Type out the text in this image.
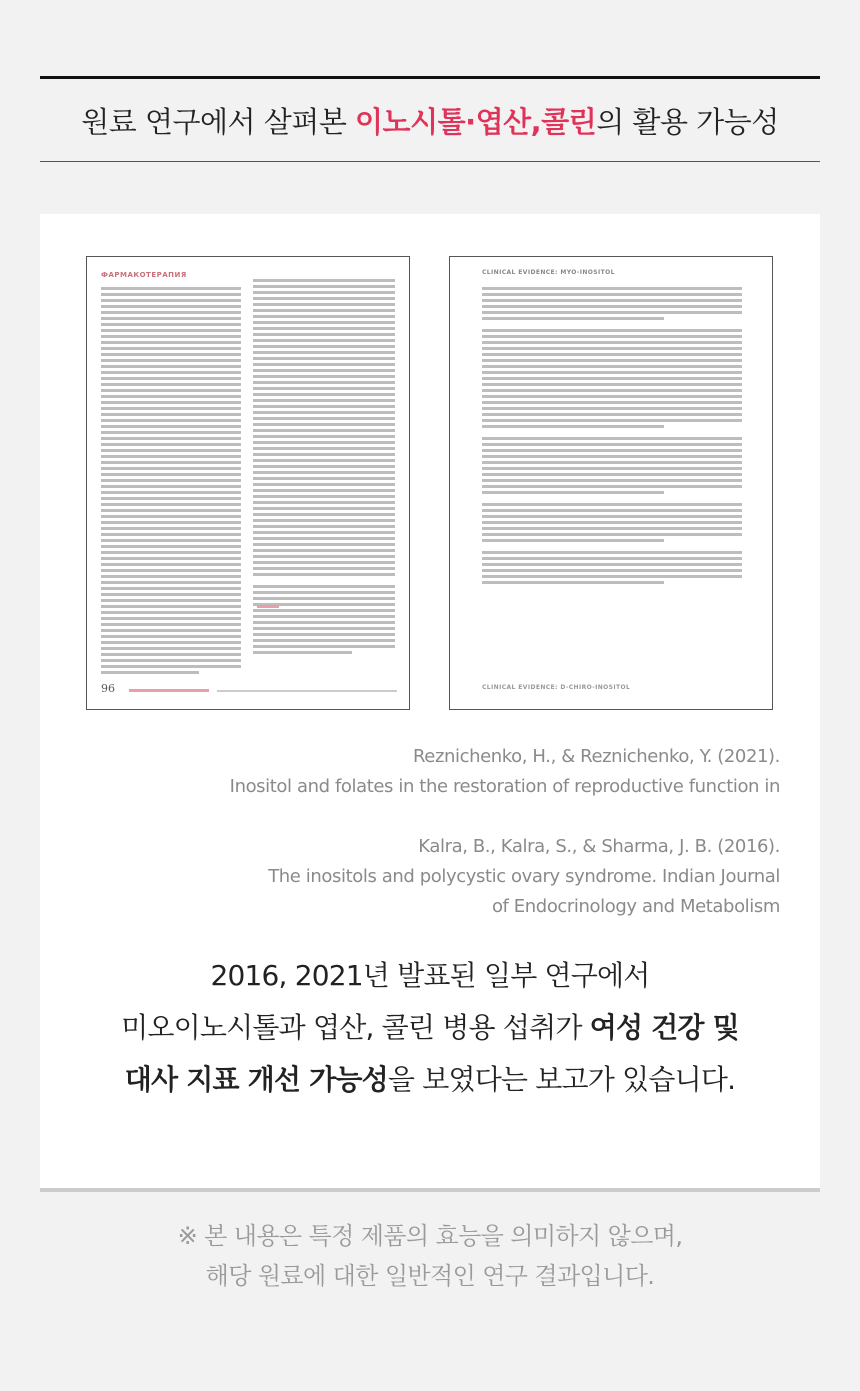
원료 연구에서 살펴본 이노시톨·엽산,콜린의 활용 가능성
ФАРМАКОТЕРАПИЯ
96
CLINICAL EVIDENCE: MYO-INOSITOL
CLINICAL EVIDENCE: D-CHIRO-INOSITOL
Reznichenko, H., & Reznichenko, Y. (2021).
Inositol and folates in the restoration of reproductive function in
Kalra, B., Kalra, S., & Sharma, J. B. (2016).
The inositols and polycystic ovary syndrome. Indian Journal
of Endocrinology and Metabolism
2016, 2021년 발표된 일부 연구에서
미오이노시톨과 엽산, 콜린 병용 섭취가 여성 건강 및
대사 지표 개선 가능성을 보였다는 보고가 있습니다.
※ 본 내용은 특정 제품의 효능을 의미하지 않으며,
해당 원료에 대한 일반적인 연구 결과입니다.
